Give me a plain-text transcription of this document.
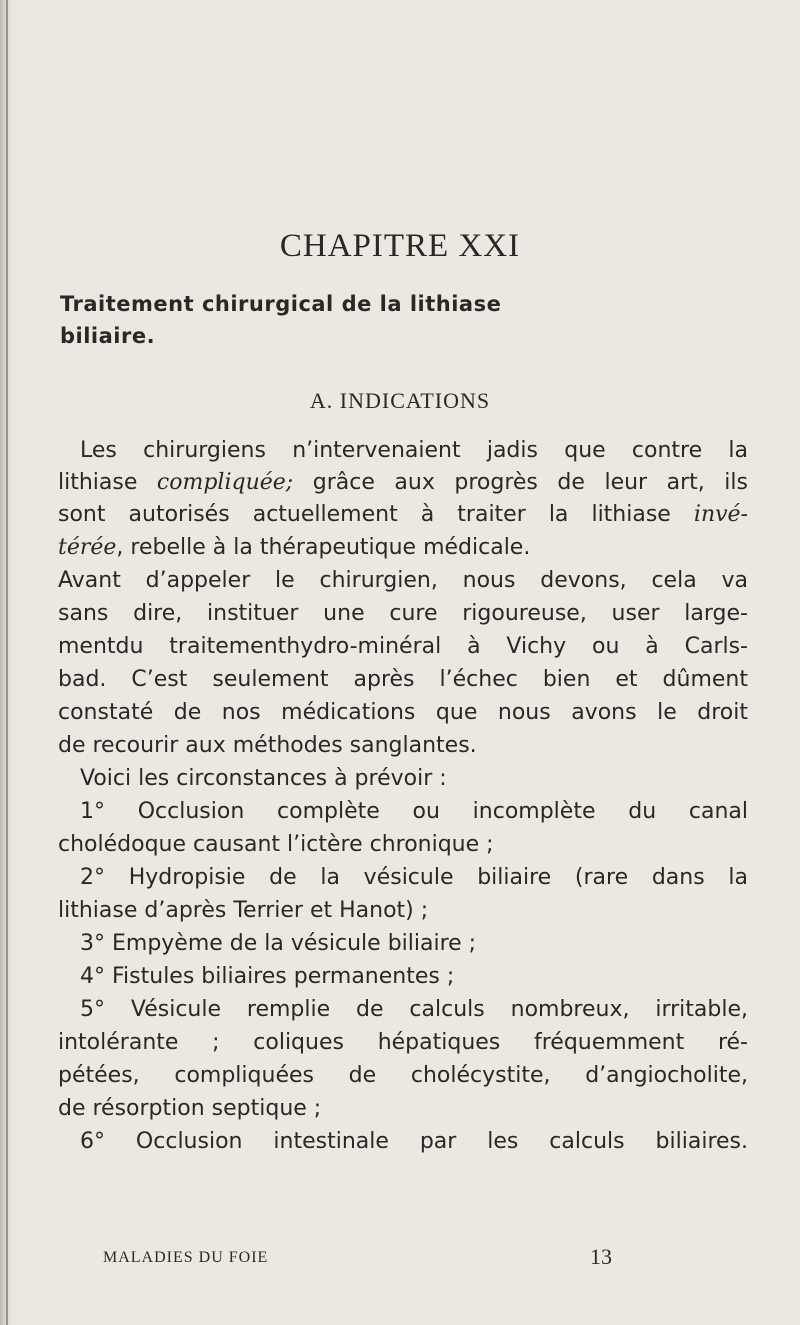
CHAPITRE XXI

Traitement chirurgical de la lithiase

biliaire.

A. INDICATIONS

Les chirurgiens n’intervenaient jadis que contre la

lithiase compliquée; grâce aux progrès de leur art, ils

sont autorisés actuellement à traiter la lithiase invé-

térée, rebelle à la thérapeutique médicale.

Avant d’appeler le chirurgien, nous devons, cela va

sans dire, instituer une cure rigoureuse, user large-

mentdu traitementhydro-minéral à Vichy ou à Carls-

bad. C’est seulement après l’échec bien et dûment

constaté de nos médications que nous avons le droit

de recourir aux méthodes sanglantes.

Voici les circonstances à prévoir :

1° Occlusion complète ou incomplète du canal

cholédoque causant l’ictère chronique ;

2° Hydropisie de la vésicule biliaire (rare dans la

lithiase d’après Terrier et Hanot) ;

3° Empyème de la vésicule biliaire ;

4° Fistules biliaires permanentes ;

5° Vésicule remplie de calculs nombreux, irritable,

intolérante ; coliques hépatiques fréquemment ré-

pétées, compliquées de cholécystite, d’angiocholite,

de résorption septique ;

6° Occlusion intestinale par les calculs biliaires.

MALADIES DU FOIE	13
